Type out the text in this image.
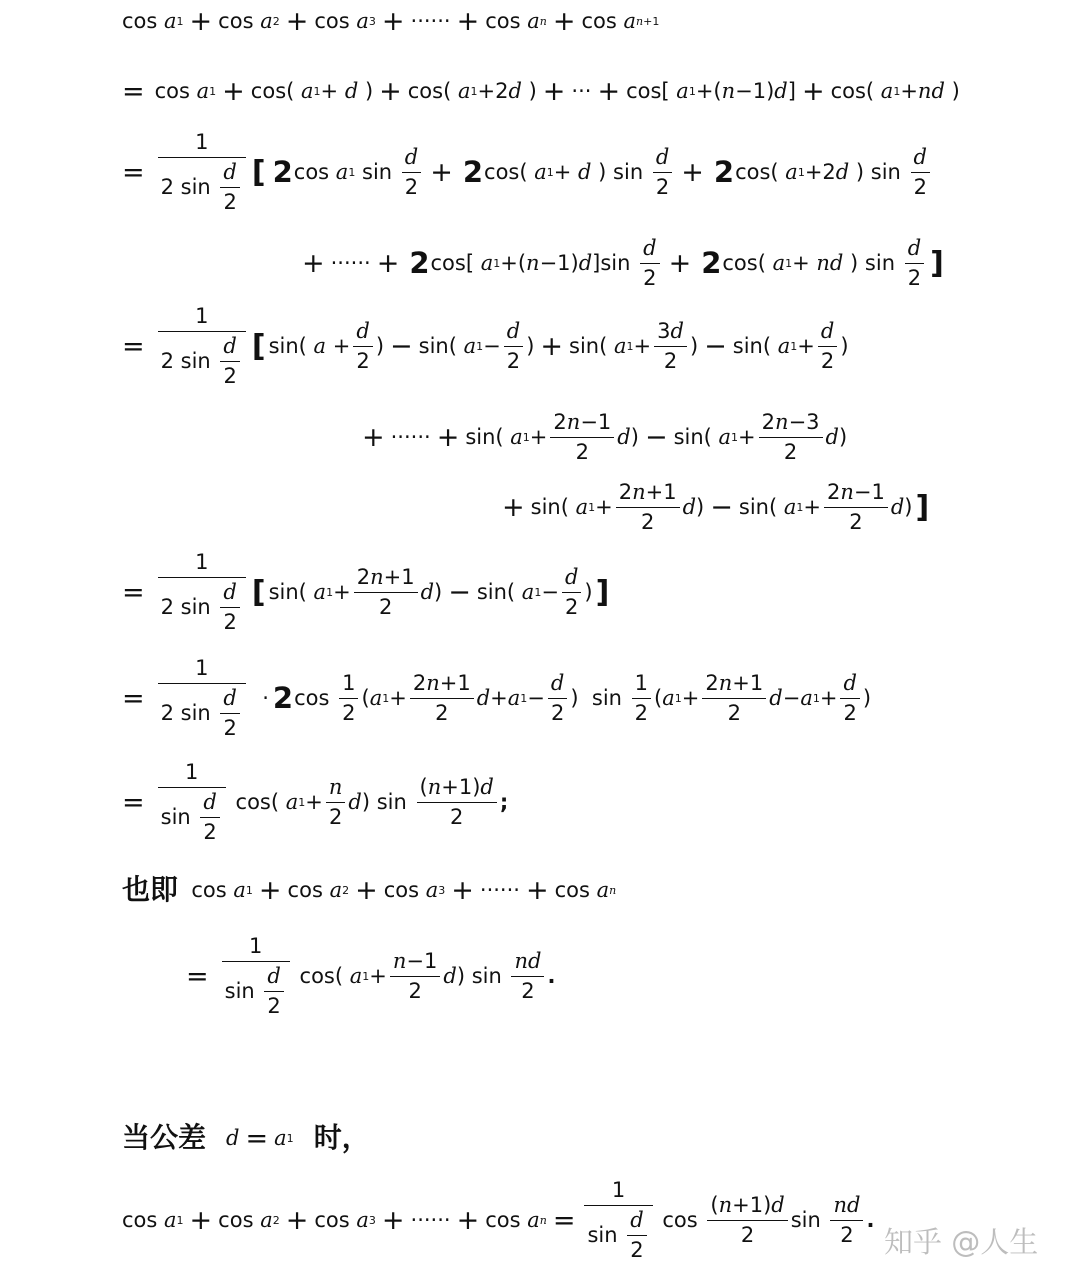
cos a 1 + cos a 2 + cos a 3 + ······ + cos a n + cos a n+1
= cos a 1 + cos( a 1 + d ) + cos( a 1 +2 d ) + ··· + cos[ a 1 +( n −1) d ] + cos( a 1 + nd )
= $\frac{1}{2 \sin \frac{d}{2}}$ [ 2 cos a 1 $\sin \frac{d}{2} + 2$ cos( a 1 + d ) $\sin \frac{d}{2} + 2$ cos( a 1 +2 d ) $\sin \frac{d}{2}$
+ ······ + 2 cos[ a 1 +( n −1) d ]$\sin \frac{d}{2} + 2$ cos( a 1 + nd ) $\sin \frac{d}{2}$ ]
= $\frac{1}{2 \sin \frac{d}{2}}$ [ sin( $a + \frac{d}{2}$ ) − sin( a $1 - \frac{d}{2}$ ) + sin( a $1 + \frac{3d}{2}$ ) − sin( a $1 + \frac{d}{2}$ )
+ ······ + sin( a $1 + \frac{2n-1}{2}$ d ) − sin( a $1 + \frac{2n-3}{2}$ d )
+ sin( a $1 + \frac{2n+1}{2}$ d ) − sin( a $1 + \frac{2n-1}{2}$ d ) ]
= $\frac{1}{2 \sin \frac{d}{2}}$ [ sin( a $1 + \frac{2n+1}{2}$ d ) − sin( a $1 - \frac{d}{2}$ ) ]
= $\frac{1}{2 \sin \frac{d}{2}} \cdot 2$ $\cos \frac{1}{2}$ ( a $1 + \frac{2n+1}{2}$ d + a $1 - \frac{d}{2}$ )  $\sin \frac{1}{2}$ ( a $1 + \frac{2n+1}{2}$ d − a $1 + \frac{d}{2}$ )
= $\frac{1}{\sin \frac{d}{2}} \cos$( a $1 + \frac{n}{2}$ d ) $\sin \frac{(n+1)d}{2}$ ;
也即 cos a 1 + cos a 2 + cos a 3 + ······ + cos a n
= $\frac{1}{\sin \frac{d}{2}} \cos$( a $1 + \frac{n-1}{2}$ d ) $\sin \frac{nd}{2}$ .
当公差
d = a 1
时，
cos a 1 + cos a 2 + cos a 3 + ······ + cos a $n = \frac{1}{\sin \frac{d}{2}}$ $\cos \frac{(n+1)d}{2}$ $\sin \frac{nd}{2}$ .
知乎 @人生
